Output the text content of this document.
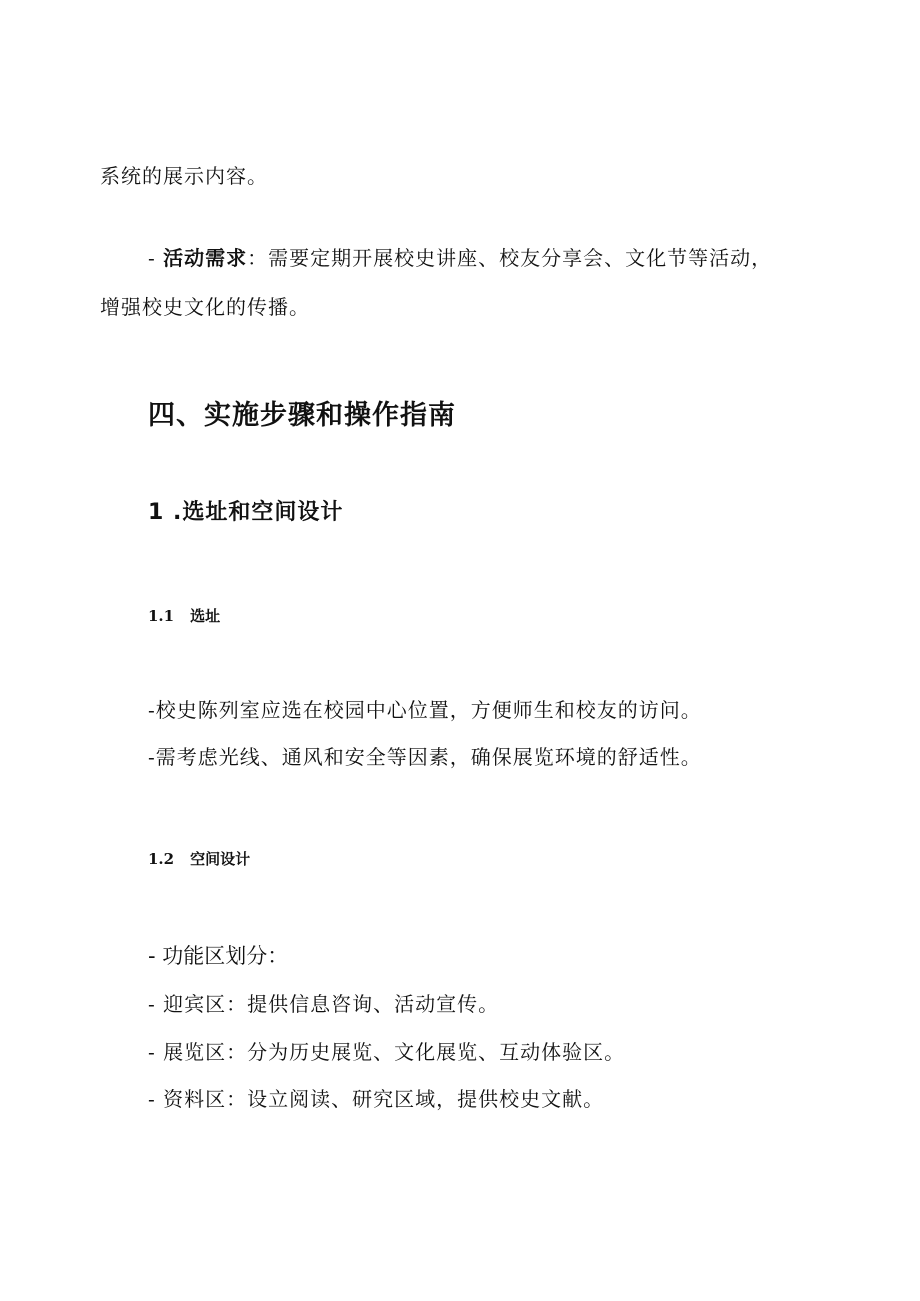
系统的展示内容。

- 活动需求：需要定期开展校史讲座、校友分享会、文化节等活动，

增强校史文化的传播。

四、实施步骤和操作指南
1 .选址和空间设计
1.1 选址

-校史陈列室应选在校园中心位置，方便师生和校友的访问。

-需考虑光线、通风和安全等因素，确保展览环境的舒适性。

1.2 空间设计

- 功能区划分：

- 迎宾区：提供信息咨询、活动宣传。

- 展览区：分为历史展览、文化展览、互动体验区。

- 资料区：设立阅读、研究区域，提供校史文献。
